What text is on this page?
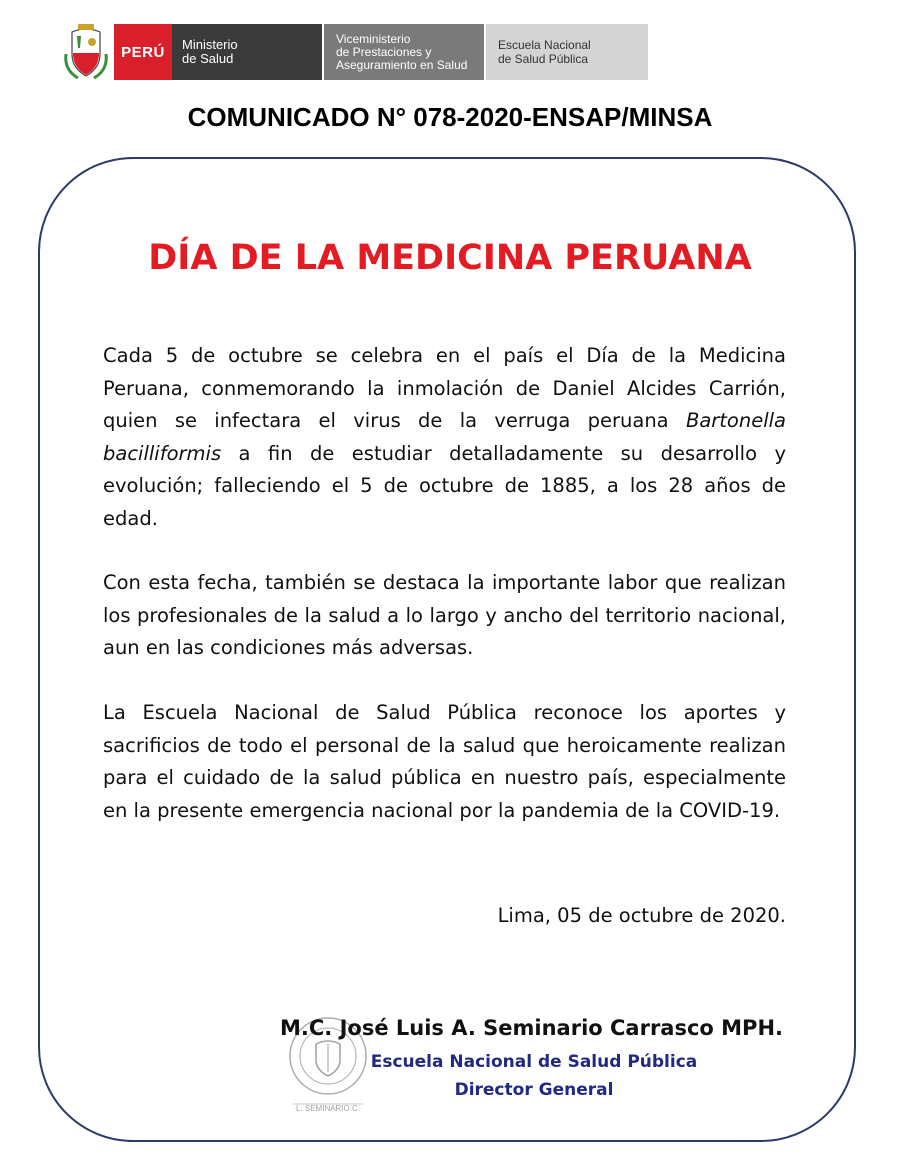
PERÚ Ministerio
de Salud
Viceministerio
de Prestaciones y
Aseguramiento en Salud
Escuela Nacional
de Salud Pública
COMUNICADO N° 078-2020-ENSAP/MINSA
DÍA DE LA MEDICINA PERUANA
Cada 5 de octubre se celebra en el país el Día de la Medicina Peruana, conmemorando la inmolación de Daniel Alcides Carrión, quien se infectara el virus de la verruga peruana Bartonella bacilliformis a fin de estudiar detalladamente su desarrollo y evolución; falleciendo el 5 de octubre de 1885, a los 28 años de edad.
Con esta fecha, también se destaca la importante labor que realizan los profesionales de la salud a lo largo y ancho del territorio nacional, aun en las condiciones más adversas.
La Escuela Nacional de Salud Pública reconoce los aportes y sacrificios de todo el personal de la salud que heroicamente realizan para el cuidado de la salud pública en nuestro país, especialmente en la presente emergencia nacional por la pandemia de la COVID-19.
Lima, 05 de octubre de 2020.
L. SEMINARIO C.
M.C. José Luis A. Seminario Carrasco MPH.
Escuela Nacional de Salud Pública
Director General
